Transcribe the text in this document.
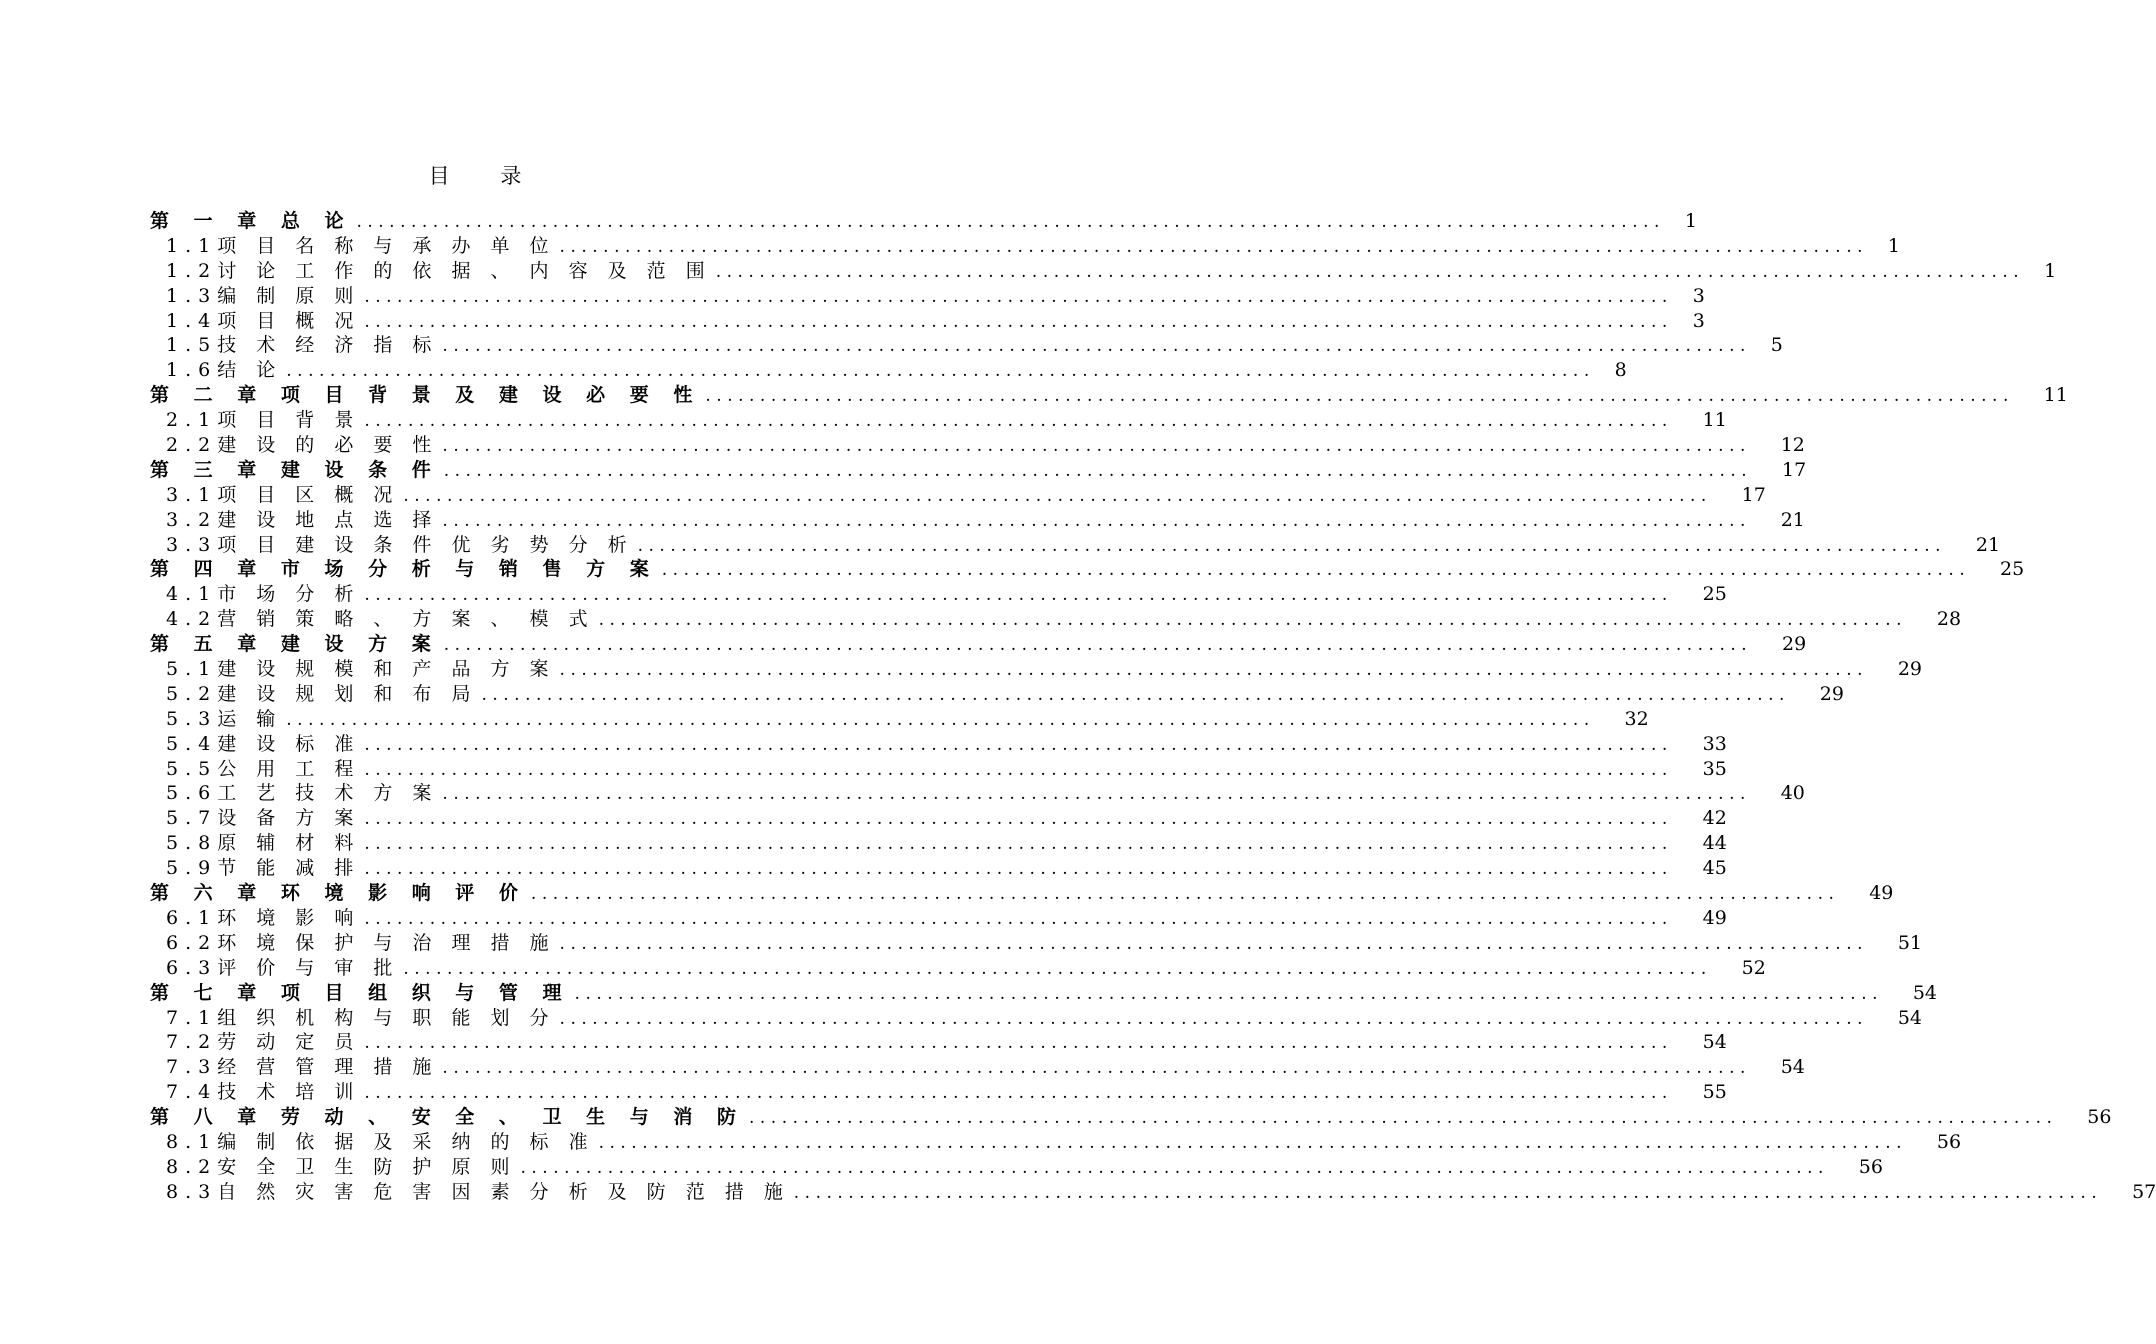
目 录
第 一 章 总 论 ........................................................................................................................	1
1.1项 目 名 称 与 承 办 单 位 ........................................................................................................................	1
1.2讨 论 工 作 的 依 据 、 内 容 及 范 围 ........................................................................................................................	1
1.3编 制 原 则 ........................................................................................................................	3
1.4项 目 概 况 ........................................................................................................................	3
1.5技 术 经 济 指 标 ........................................................................................................................	5
1.6结 论 ........................................................................................................................	8
第 二 章 项 目 背 景 及 建 设 必 要 性 ........................................................................................................................	11
2.1项 目 背 景 ........................................................................................................................	11
2.2建 设 的 必 要 性 ........................................................................................................................	12
第 三 章 建 设 条 件 ........................................................................................................................	17
3.1项 目 区 概 况 ........................................................................................................................	17
3.2建 设 地 点 选 择 ........................................................................................................................	21
3.3项 目 建 设 条 件 优 劣 势 分 析 ........................................................................................................................	21
第 四 章 市 场 分 析 与 销 售 方 案 ........................................................................................................................	25
4.1市 场 分 析 ........................................................................................................................	25
4.2营 销 策 略 、 方 案 、 模 式 ........................................................................................................................	28
第 五 章 建 设 方 案 ........................................................................................................................	29
5.1建 设 规 模 和 产 品 方 案 ........................................................................................................................	29
5.2建 设 规 划 和 布 局 ........................................................................................................................	29
5.3运 输 ........................................................................................................................	32
5.4建 设 标 准 ........................................................................................................................	33
5.5公 用 工 程 ........................................................................................................................	35
5.6工 艺 技 术 方 案 ........................................................................................................................	40
5.7设 备 方 案 ........................................................................................................................	42
5.8原 辅 材 料 ........................................................................................................................	44
5.9节 能 减 排 ........................................................................................................................	45
第 六 章 环 境 影 响 评 价 ........................................................................................................................	49
6.1环 境 影 响 ........................................................................................................................	49
6.2环 境 保 护 与 治 理 措 施 ........................................................................................................................	51
6.3评 价 与 审 批 ........................................................................................................................	52
第 七 章 项 目 组 织 与 管 理 ........................................................................................................................	54
7.1组 织 机 构 与 职 能 划 分 ........................................................................................................................	54
7.2劳 动 定 员 ........................................................................................................................	54
7.3经 营 管 理 措 施 ........................................................................................................................	54
7.4技 术 培 训 ........................................................................................................................	55
第 八 章 劳 动 、 安 全 、 卫 生 与 消 防 ........................................................................................................................	56
8.1编 制 依 据 及 采 纳 的 标 准 ........................................................................................................................	56
8.2安 全 卫 生 防 护 原 则 ........................................................................................................................	56
8.3自 然 灾 害 危 害 因 素 分 析 及 防 范 措 施 ........................................................................................................................	57
